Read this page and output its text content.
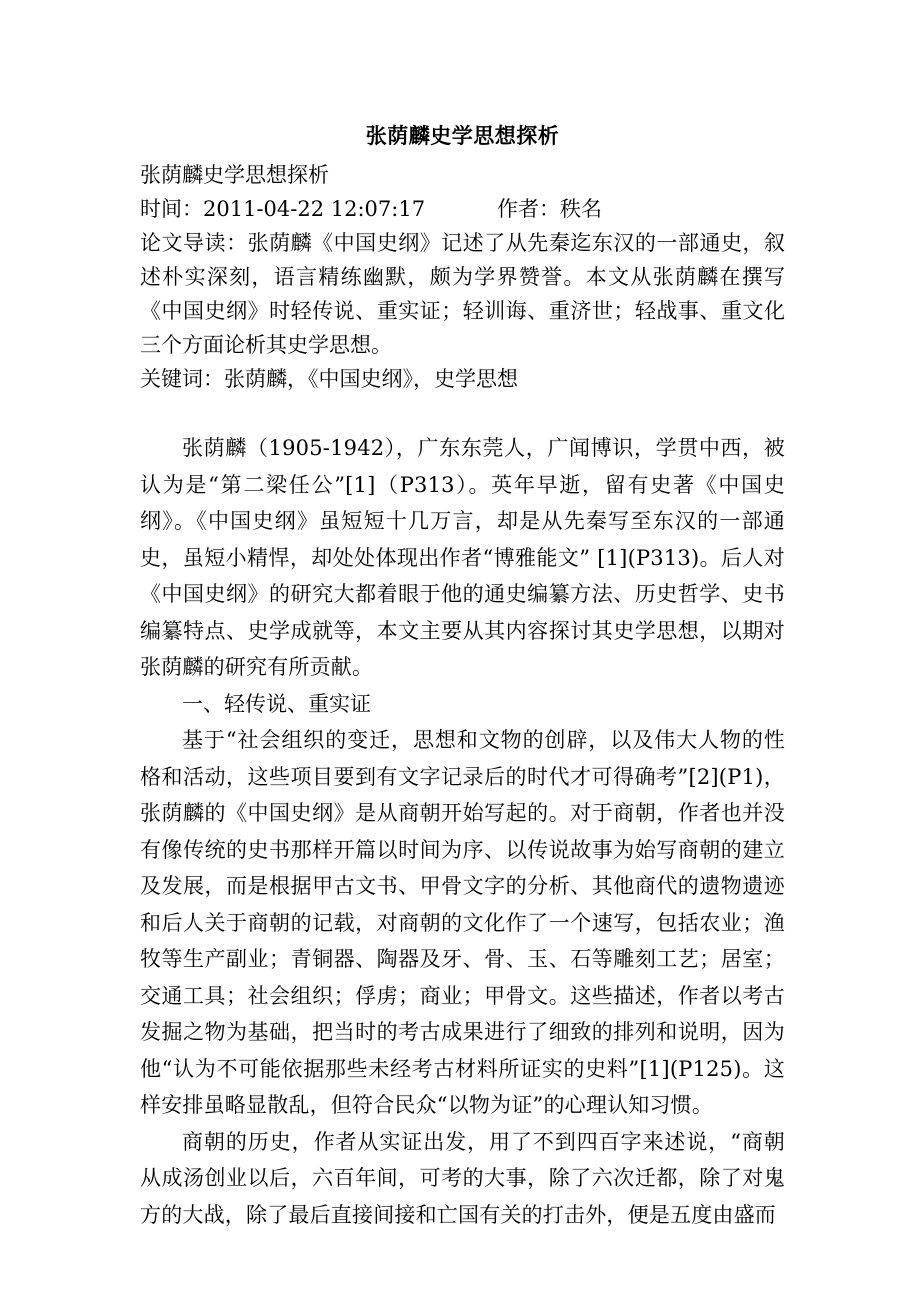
张荫麟史学思想探析

张荫麟史学思想探析

时间：2011-04-22 12:07:17	作者：秩名

论文导读：张荫麟《中国史纲》记述了从先秦迄东汉的一部通史，叙述朴实深刻，语言精练幽默，颇为学界赞誉。本文从张荫麟在撰写《中国史纲》时轻传说、重实证；轻训诲、重济世；轻战事、重文化三个方面论析其史学思想。

关键词：张荫麟，《中国史纲》，史学思想

张荫麟（1905-1942），广东东莞人，广闻博识，学贯中西，被认为是“第二梁任公”[1]（P313）。英年早逝，留有史著《中国史纲》。《中国史纲》虽短短十几万言，却是从先秦写至东汉的一部通史，虽短小精悍，却处处体现出作者“博雅能文” [1](P313)。后人对《中国史纲》的研究大都着眼于他的通史编纂方法、历史哲学、史书编纂特点、史学成就等，本文主要从其内容探讨其史学思想，以期对张荫麟的研究有所贡献。

一、轻传说、重实证

基于“社会组织的变迁，思想和文物的创辟，以及伟大人物的性格和活动，这些项目要到有文字记录后的时代才可得确考”[2](P1)，张荫麟的《中国史纲》是从商朝开始写起的。对于商朝，作者也并没有像传统的史书那样开篇以时间为序、以传说故事为始写商朝的建立及发展，而是根据甲古文书、甲骨文字的分析、其他商代的遗物遗迹和后人关于商朝的记载，对商朝的文化作了一个速写，包括农业；渔牧等生产副业；青铜器、陶器及牙、骨、玉、石等雕刻工艺；居室；交通工具；社会组织；俘虏；商业；甲骨文。这些描述，作者以考古发掘之物为基础，把当时的考古成果进行了细致的排列和说明，因为他“认为不可能依据那些未经考古材料所证实的史料”[1](P125)。这样安排虽略显散乱，但符合民众“以物为证”的心理认知习惯。

商朝的历史，作者从实证出发，用了不到四百字来述说，“商朝从成汤创业以后，六百年间，可考的大事，除了六次迁都，除了对鬼方的大战，除了最后直接间接和亡国有关的打击外，便是五度由盛而
